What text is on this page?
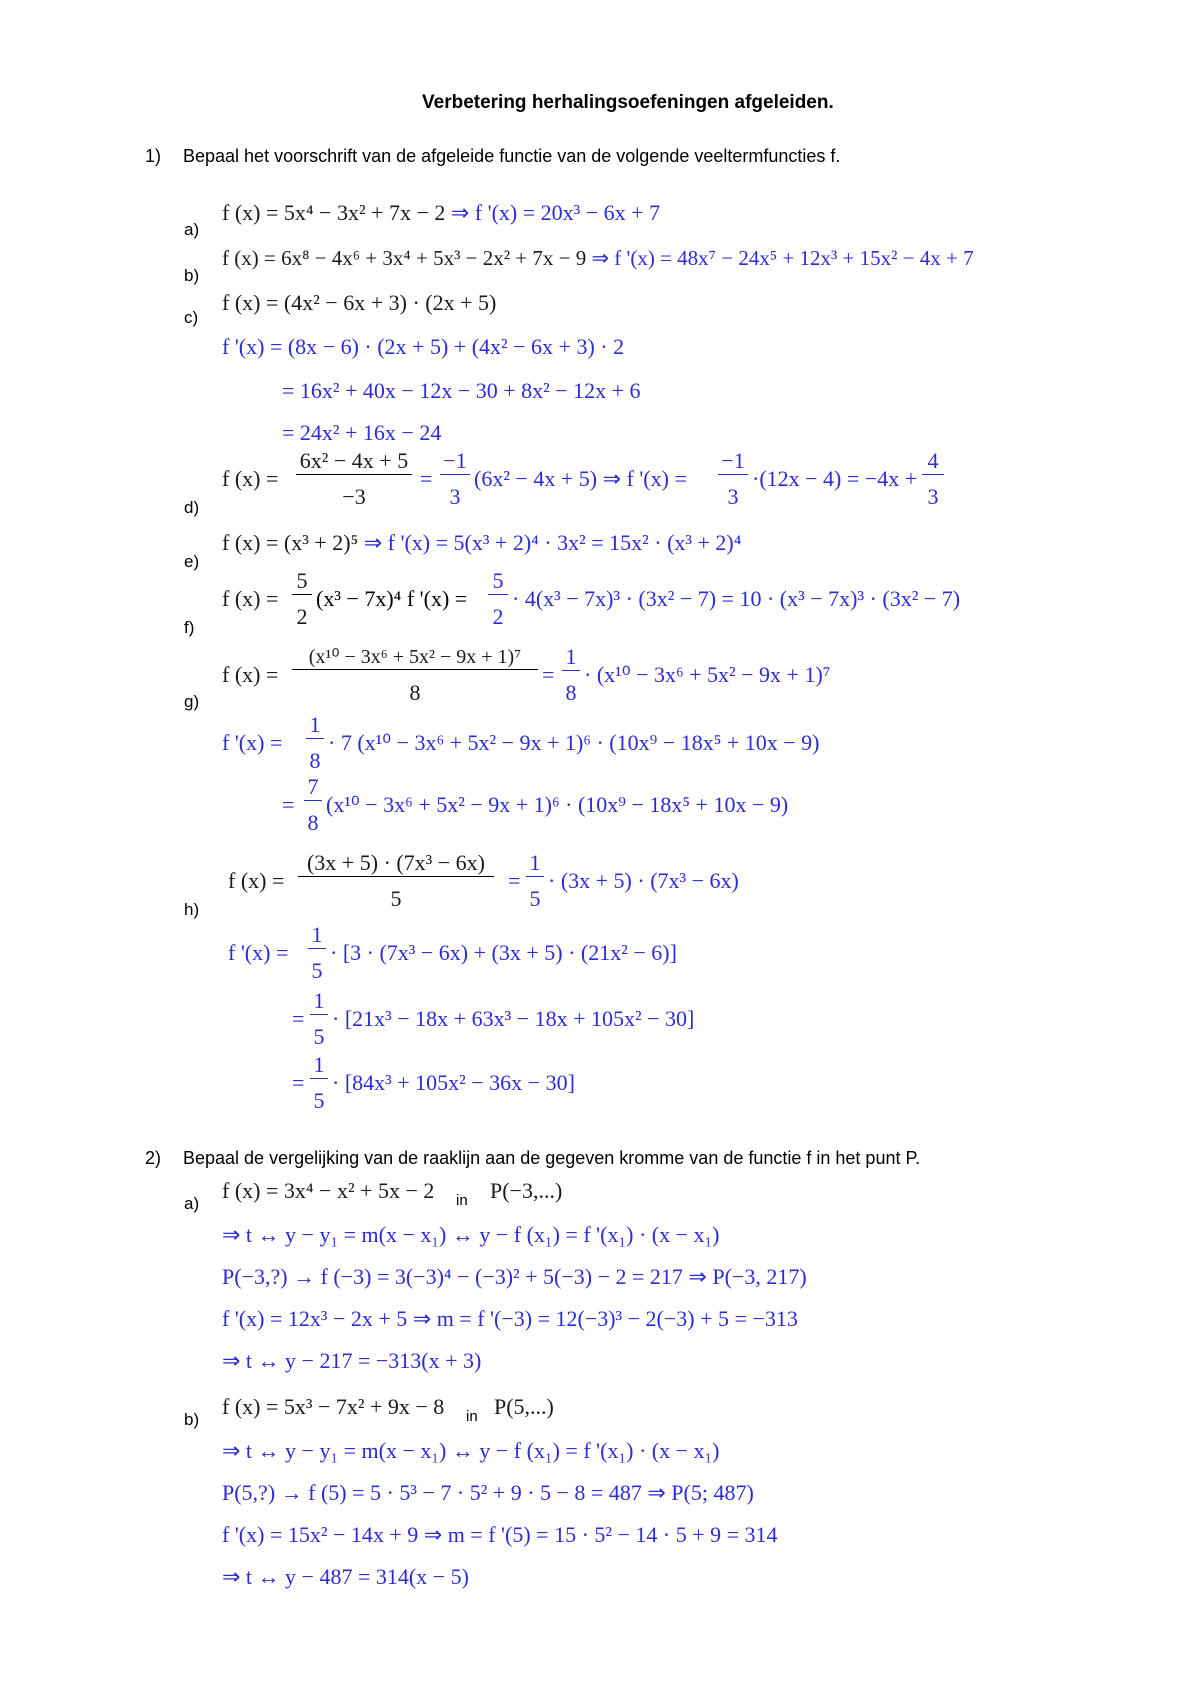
Verbetering herhalingsoefeningen afgeleiden.
1) Bepaal het voorschrift van de afgeleide functie van de volgende veeltermfuncties f.
a)
f (x) = 5x⁴ − 3x² + 7x − 2 ⇒ f '(x) = 20x³ − 6x + 7
b)
f (x) = 6x⁸ − 4x⁶ + 3x⁴ + 5x³ − 2x² + 7x − 9 ⇒ f '(x) = 48x⁷ − 24x⁵ + 12x³ + 15x² − 4x + 7
c)
f (x) = (4x² − 6x + 3) · (2x + 5)
f '(x) = (8x − 6) · (2x + 5) + (4x² − 6x + 3) · 2
= 16x² + 40x − 12x − 30 + 8x² − 12x + 6
= 24x² + 16x − 24
d)
f (x) =
6x² − 4x + 5
−3
=
−1
3
(6x² − 4x + 5) ⇒ f '(x) =
−1
3
·(12x − 4) = −4x +
4
3
e)
f (x) = (x³ + 2)⁵ ⇒ f '(x) = 5(x³ + 2)⁴ · 3x² = 15x² · (x³ + 2)⁴
f)
f (x) =
5
2
(x³ − 7x)⁴ f '(x) =
5
2
· 4(x³ − 7x)³ · (3x² − 7) = 10 · (x³ − 7x)³ · (3x² − 7)
g)
f (x) =
(x¹⁰ − 3x⁶ + 5x² − 9x + 1)⁷
8
=
1
8
· (x¹⁰ − 3x⁶ + 5x² − 9x + 1)⁷
f '(x) =
1
8
· 7 (x¹⁰ − 3x⁶ + 5x² − 9x + 1)⁶ · (10x⁹ − 18x⁵ + 10x − 9)
=
7
8
(x¹⁰ − 3x⁶ + 5x² − 9x + 1)⁶ · (10x⁹ − 18x⁵ + 10x − 9)
h)
f (x) =
(3x + 5) · (7x³ − 6x)
5
=
1
5
· (3x + 5) · (7x³ − 6x)
f '(x) =
1
5
· [3 · (7x³ − 6x) + (3x + 5) · (21x² − 6)]
=
1
5
· [21x³ − 18x + 63x³ − 18x + 105x² − 30]
=
1
5
· [84x³ + 105x² − 36x − 30]
2) Bepaal de vergelijking van de raaklijn aan de gegeven kromme van de functie f in het punt P.
a)
f (x) = 3x⁴ − x² + 5x − 2 in P(−3,...)
⇒ t ↔ y − y₁ = m(x − x₁) ↔ y − f (x₁) = f '(x₁) · (x − x₁)
P(−3,?) → f (−3) = 3(−3)⁴ − (−3)² + 5(−3) − 2 = 217 ⇒ P(−3, 217)
f '(x) = 12x³ − 2x + 5 ⇒ m = f '(−3) = 12(−3)³ − 2(−3) + 5 = −313
⇒ t ↔ y − 217 = −313(x + 3)
b)
f (x) = 5x³ − 7x² + 9x − 8 in P(5,...)
⇒ t ↔ y − y₁ = m(x − x₁) ↔ y − f (x₁) = f '(x₁) · (x − x₁)
P(5,?) → f (5) = 5 · 5³ − 7 · 5² + 9 · 5 − 8 = 487 ⇒ P(5; 487)
f '(x) = 15x² − 14x + 9 ⇒ m = f '(5) = 15 · 5² − 14 · 5 + 9 = 314
⇒ t ↔ y − 487 = 314(x − 5)
